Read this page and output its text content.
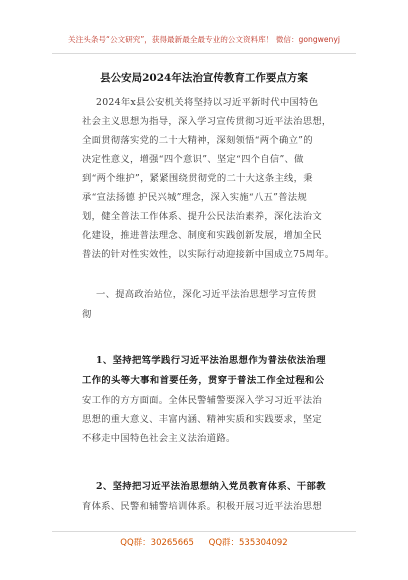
关注头条号“公文研究”，获得最新最全最专业的公文资料库！ 微信：gongwenyj
县公安局2024年法治宣传教育工作要点方案
2024年x县公安机关将坚持以习近平新时代中国特色
社会主义思想为指导，深入学习宣传贯彻习近平法治思想，
全面贯彻落实党的二十大精神，深刻领悟“两个确立”的
决定性意义，增强“四个意识”、坚定“四个自信”、做
到“两个维护”，紧紧围绕贯彻党的二十大这条主线，秉
承“宣法扬德 护民兴城”理念，深入实施“八五”普法规
划，健全普法工作体系、提升公民法治素养，深化法治文
化建设，推进普法理念、制度和实践创新发展，增加全民
普法的针对性实效性，以实际行动迎接新中国成立75周年。
一、提高政治站位，深化习近平法治思想学习宣传贯
彻
1、坚持把笃学践行习近平法治思想作为普法依法治理
工作的头等大事和首要任务，贯穿于普法工作全过程和公
安工作的方方面面。全体民警辅警要深入学习习近平法治
思想的重大意义、丰富内涵、精神实质和实践要求，坚定
不移走中国特色社会主义法治道路。
2、坚持把习近平法治思想纳入党员教育体系、干部教
育体系、民警和辅警培训体系。积极开展习近平法治思想
QQ群：30265665 QQ群：535304092
